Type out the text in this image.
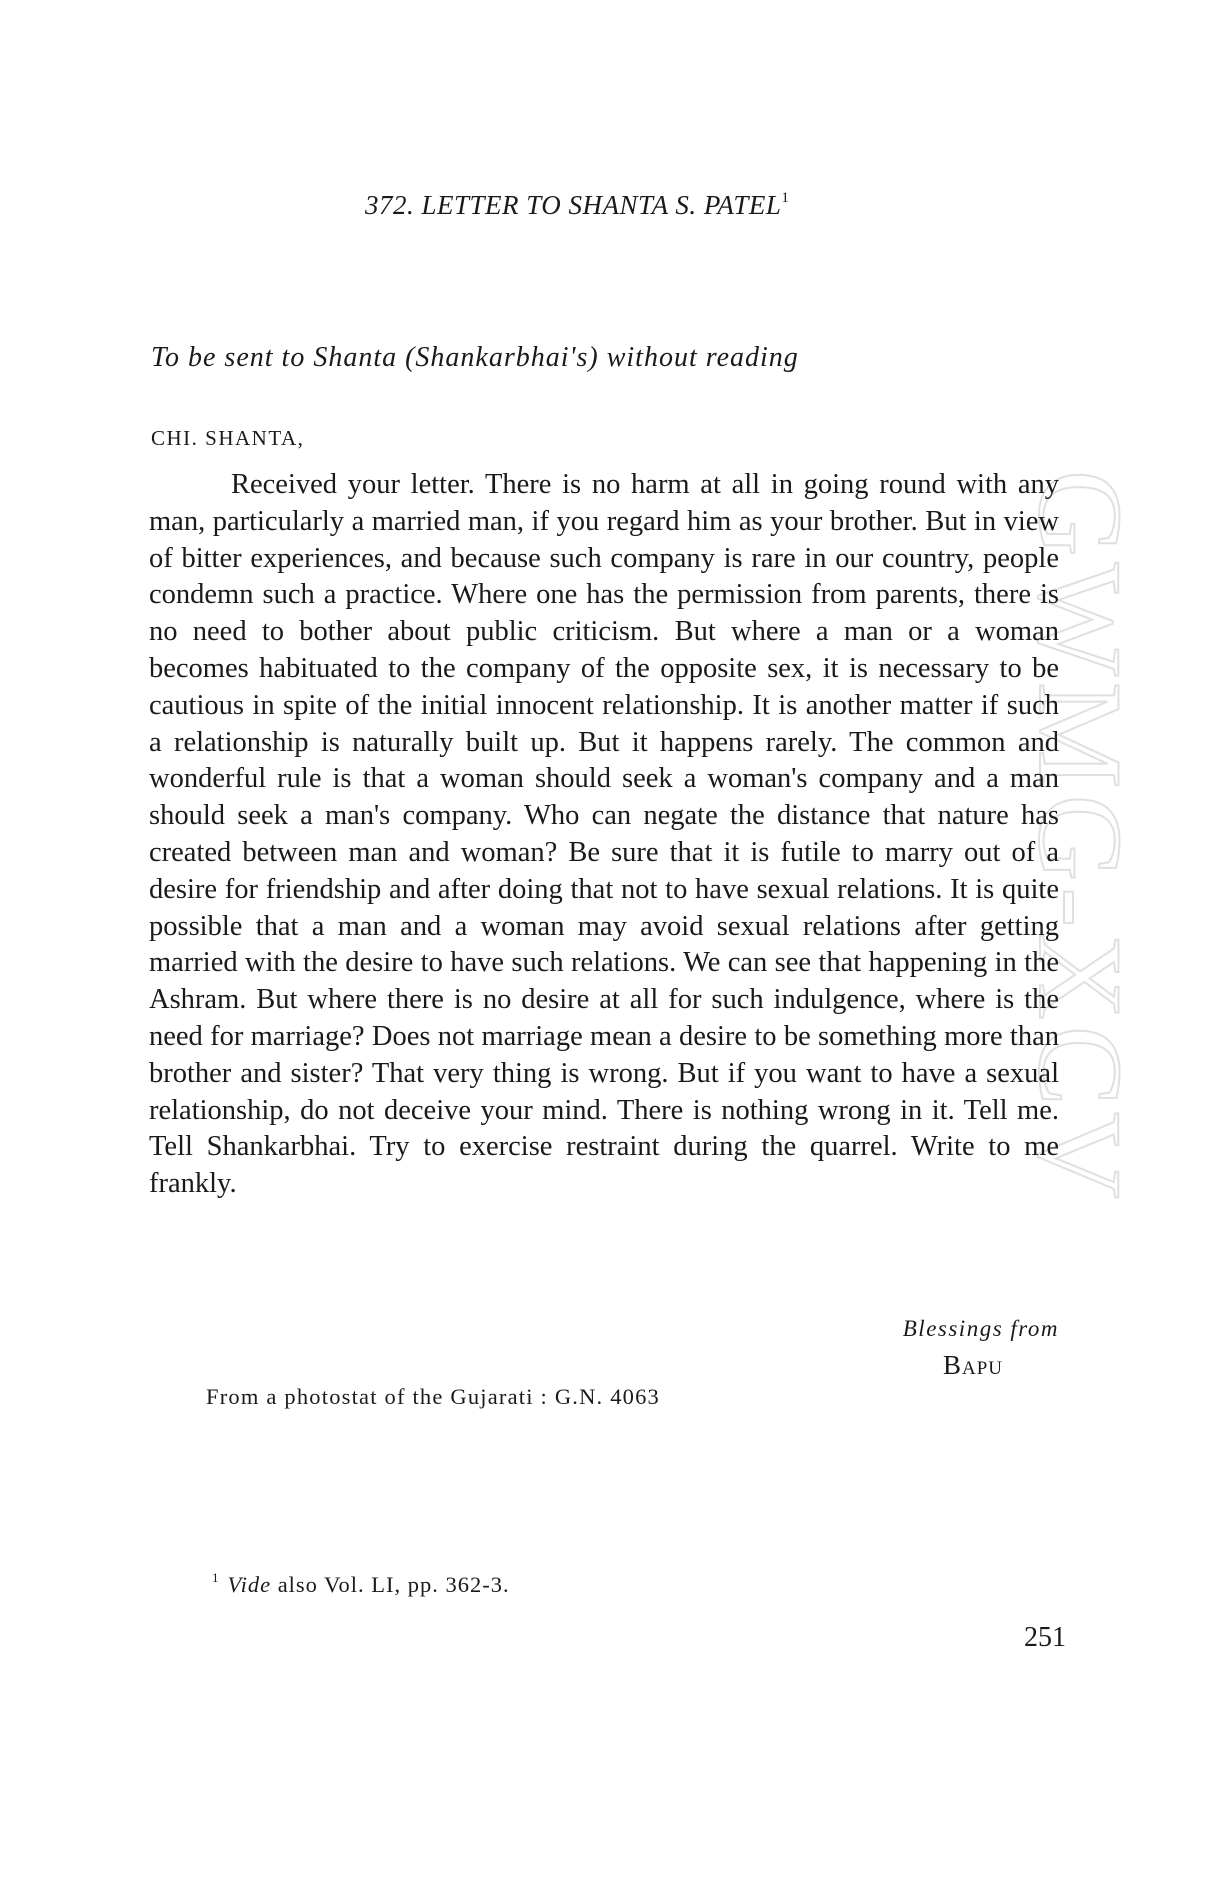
GWMG-XCV
372. LETTER TO SHANTA S. PATEL$^1$
To be sent to Shanta (Shankarbhai's) without reading
CHI. SHANTA,

Received your letter. There is no harm at all in going round with any man, particularly a married man, if you regard him as your brother. But in view of bitter experiences, and because such company is rare in our country, people condemn such a practice. Where one has the permission from parents, there is no need to bother about public criticism. But where a man or a woman becomes habituated to the company of the opposite sex, it is necessary to be cautious in spite of the initial innocent relationship. It is another matter if such a relationship is naturally built up. But it happens rarely. The common and wonderful rule is that a woman should seek a woman's company and a man should seek a man's company. Who can negate the distance that nature has created between man and woman? Be sure that it is futile to marry out of a desire for friendship and after doing that not to have sexual relations. It is quite possible that a man and a woman may avoid sexual relations after getting married with the desire to have such relations. We can see that happening in the Ashram. But where there is no desire at all for such indulgence, where is the need for marriage? Does not marriage mean a desire to be something more than brother and sister? That very thing is wrong. But if you want to have a sexual relationship, do not deceive your mind. There is nothing wrong in it. Tell me. Tell Shankarbhai. Try to exercise restraint during the quarrel. Write to me frankly.

Blessings from
Bapu
From a photostat of the Gujarati : G.N. 4063
$^1$ Vide also Vol. LI, pp. 362-3.
251
